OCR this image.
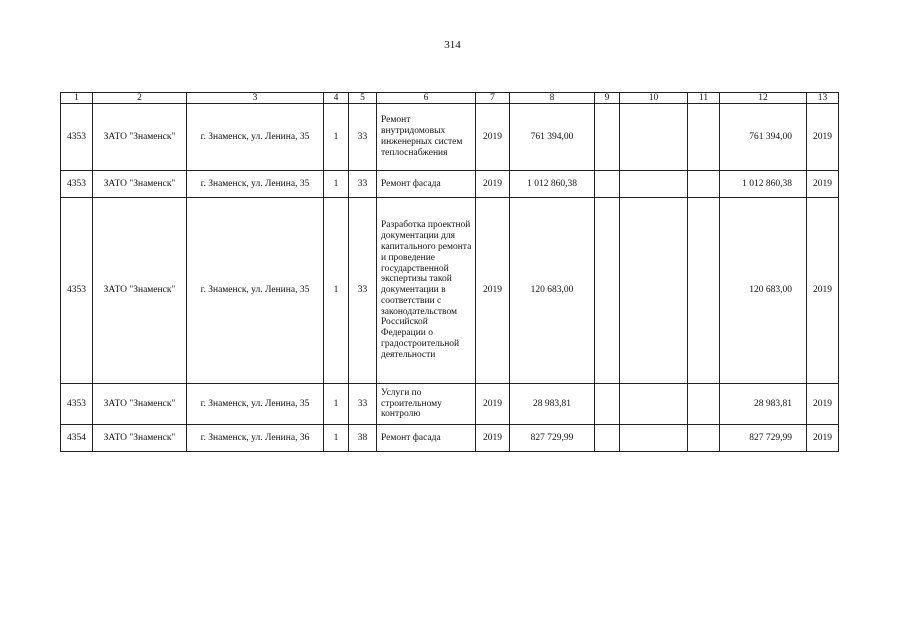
314
1	2	3	4	5	6	7	8	9	10	11	12	13
4353	ЗАТО "Знаменск"	г. Знаменск, ул. Ленина, 35	1	33	Ремонт внутридомовых инженерных систем теплоснабжения	2019	761 394,00				761 394,00	2019
4353	ЗАТО "Знаменск"	г. Знаменск, ул. Ленина, 35	1	33	Ремонт фасада	2019	1 012 860,38				1 012 860,38	2019
4353	ЗАТО "Знаменск"	г. Знаменск, ул. Ленина, 35	1	33	Разработка проектной документации для капитального ремонта и проведение государственной экспертизы такой документации в соответствии с законодательством Российской Федерации о градостроительной деятельности	2019	120 683,00				120 683,00	2019
4353	ЗАТО "Знаменск"	г. Знаменск, ул. Ленина, 35	1	33	Услуги по строительному контролю	2019	28 983,81				28 983,81	2019
4354	ЗАТО "Знаменск"	г. Знаменск, ул. Ленина, 36	1	38	Ремонт фасада	2019	827 729,99				827 729,99	2019
